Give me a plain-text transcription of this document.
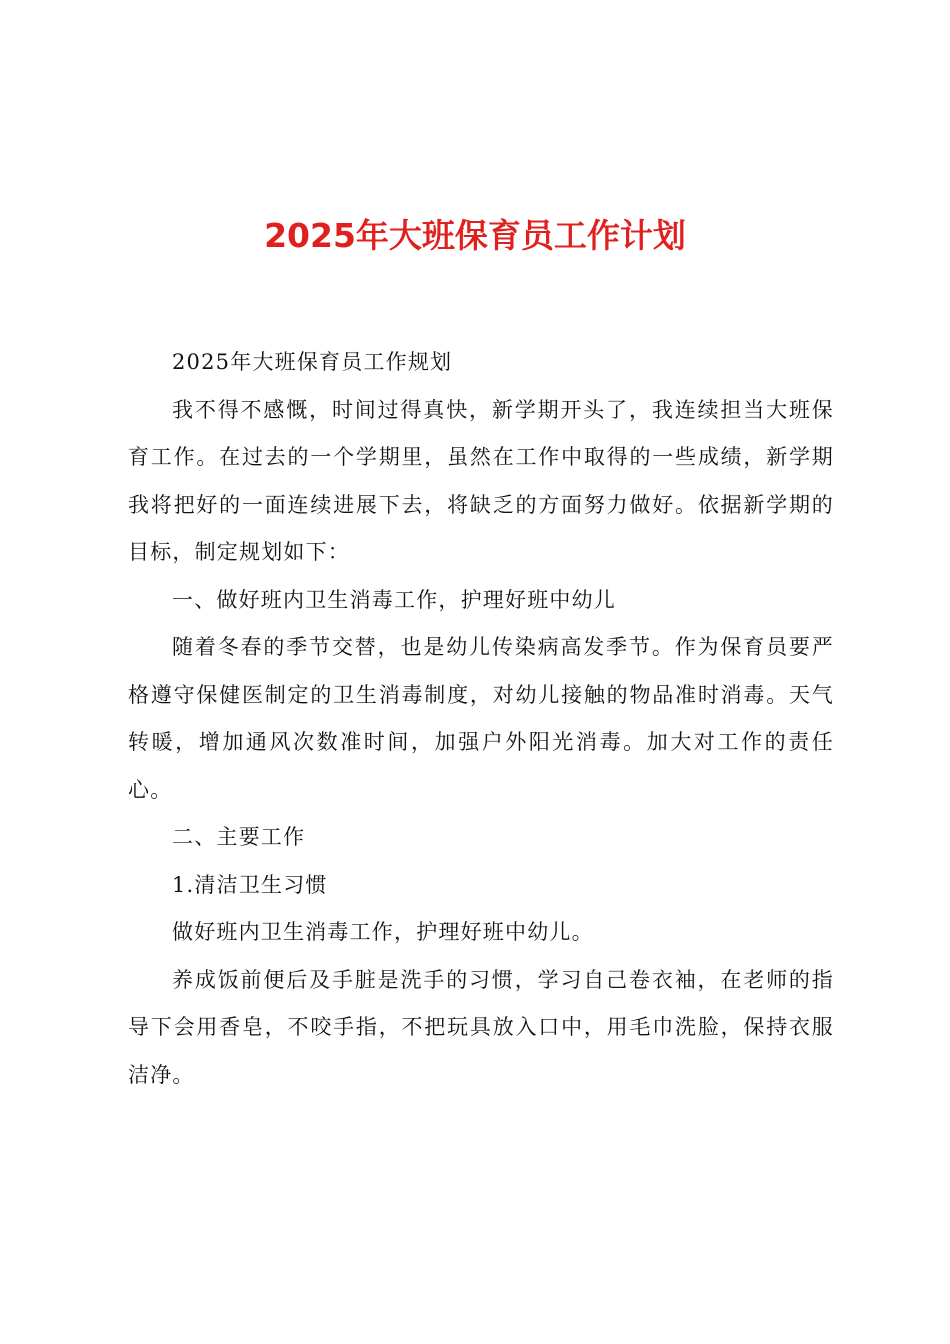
2025年大班保育员工作计划

2025年大班保育员工作规划

我不得不感慨，时间过得真快，新学期开头了，我连续担当大班保育工作。在过去的一个学期里，虽然在工作中取得的一些成绩，新学期我将把好的一面连续进展下去，将缺乏的方面努力做好。依据新学期的目标，制定规划如下：

一、做好班内卫生消毒工作，护理好班中幼儿

随着冬春的季节交替，也是幼儿传染病高发季节。作为保育员要严格遵守保健医制定的卫生消毒制度，对幼儿接触的物品准时消毒。天气转暖，增加通风次数准时间，加强户外阳光消毒。加大对工作的责任心。

二、主要工作

1.清洁卫生习惯

做好班内卫生消毒工作，护理好班中幼儿。

养成饭前便后及手脏是洗手的习惯，学习自己卷衣袖，在老师的指导下会用香皂，不咬手指，不把玩具放入口中，用毛巾洗脸，保持衣服洁净。
